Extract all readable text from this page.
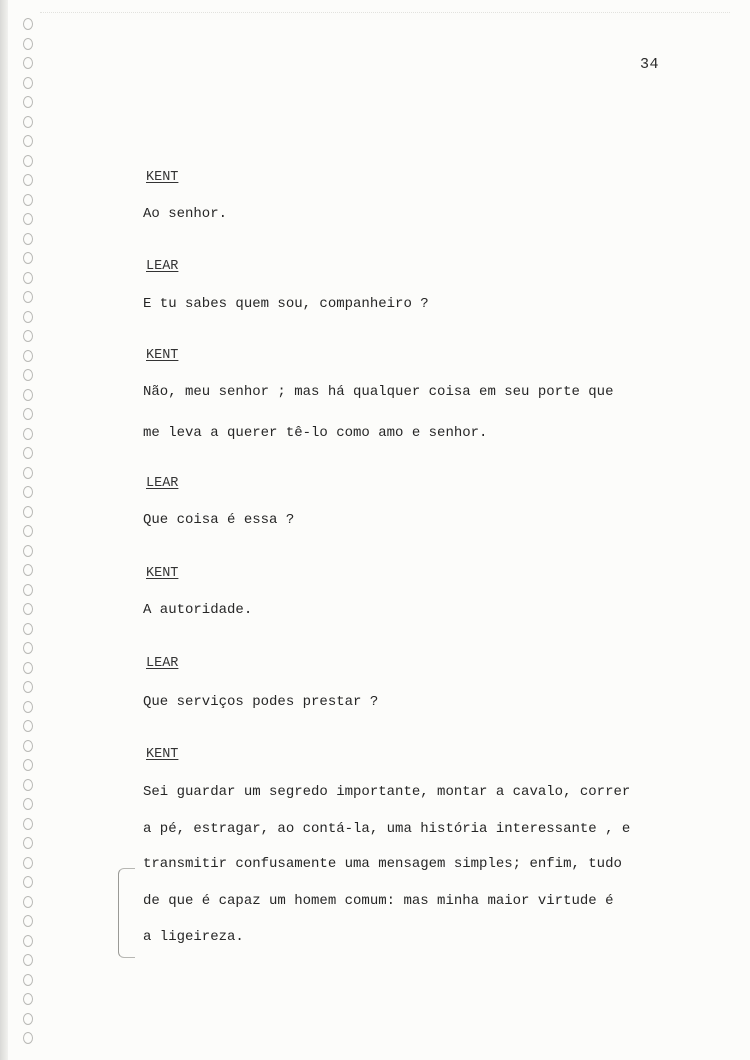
34
KENT
Ao senhor.
LEAR
E tu sabes quem sou, companheiro ?
KENT
Não, meu senhor ; mas há qualquer coisa em seu porte que
me leva a querer tê-lo como amo e senhor.
LEAR
Que coisa é essa ?
KENT
A autoridade.
LEAR
Que serviços podes prestar ?
KENT
Sei guardar um segredo importante, montar a cavalo, correr
a pé, estragar, ao contá-la, uma história interessante , e
transmitir confusamente uma mensagem simples; enfim, tudo
de que é capaz um homem comum: mas minha maior virtude é
a ligeireza.
